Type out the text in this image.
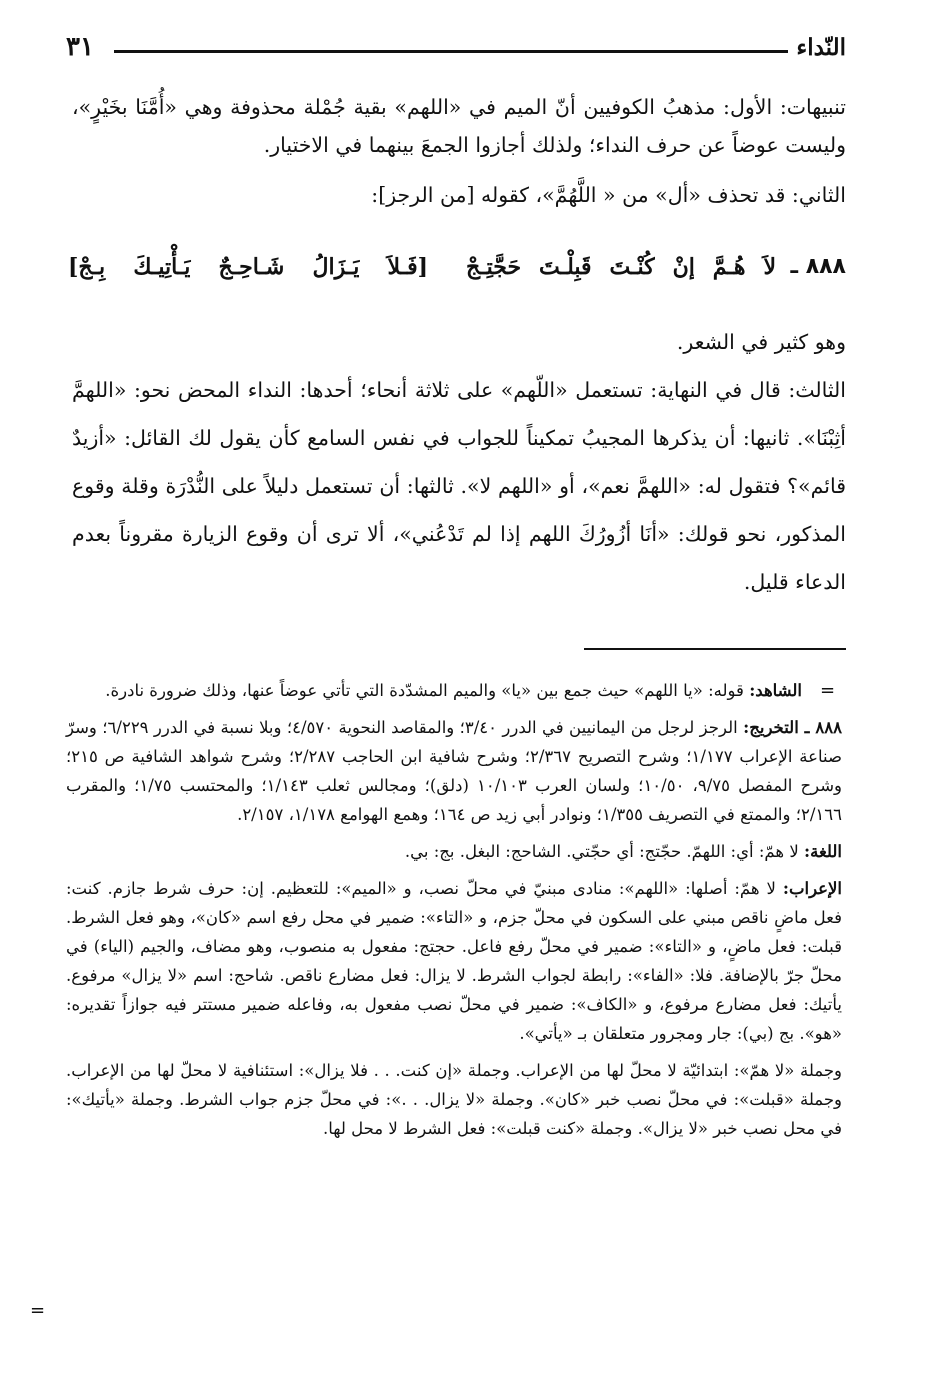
٣١	النّداء

تنبيهات: الأول: مذهبُ الكوفيين أنّ الميم في «اللهم» بقية جُمْلة محذوفة وهي «أُمَّنَا بخَيْرٍ»، وليست عوضاً عن حرف النداء؛ ولذلك أجازوا الجمعَ بينهما في الاختيار.

الثاني: قد تحذف «أل» من « اللَّهُمَّ»، كقوله [من الرجز]:

٨٨٨ ـ
لاَ هُـمَّ إنْ كُنْـتَ قَبِلْـتَ حَجَّتِـجْ
[فَـلاَ يَـزَالُ شَـاحِـجٌ يَـأْتِيـكَ بِـجْ]

وهو كثير في الشعر.

الثالث: قال في النهاية: تستعمل «اللّهم» على ثلاثة أنحاء؛ أحدها: النداء المحض نحو: «اللهمَّ أثِبْنَا». ثانيها: أن يذكرها المجيبُ تمكيناً للجواب في نفس السامع كأن يقول لك القائل: «أزيدٌ قائم»؟ فتقول له: «اللهمَّ نعم»، أو «اللهم لا». ثالثها: أن تستعمل دليلاً على النُّدْرَة وقلة وقوع المذكور، نحو قولك: «أنَا أزُورُكَ اللهم إذا لم تَدْعُني»، ألا ترى أن وقوع الزيارة مقروناً بعدم الدعاء قليل.

=
=

الشاهد: قوله: «يا اللهم» حيث جمع بين «يا» والميم المشدّدة التي تأتي عوضاً عنها، وذلك ضرورة نادرة.

٨٨٨ ـ التخريج: الرجز لرجل من اليمانيين في الدرر ٣/٤٠؛ والمقاصد النحوية ٤/٥٧٠؛ وبلا نسبة في الدرر ٦/٢٢٩؛ وسرّ صناعة الإعراب ١/١٧٧؛ وشرح التصريح ٢/٣٦٧؛ وشرح شافية ابن الحاجب ٢/٢٨٧؛ وشرح شواهد الشافية ص ٢١٥؛ وشرح المفصل ٩/٧٥، ١٠/٥٠؛ ولسان العرب ١٠/١٠٣ (دلق)؛ ومجالس ثعلب ١/١٤٣؛ والمحتسب ١/٧٥؛ والمقرب ٢/١٦٦؛ والممتع في التصريف ١/٣٥٥؛ ونوادر أبي زيد ص ١٦٤؛ وهمع الهوامع ١/١٧٨، ٢/١٥٧.

اللغة: لا همّ: أي: اللهمّ. حجّتج: أي حجّتي. الشاحج: البغل. بج: بي.

الإعراب: لا همّ: أصلها: «اللهم»: منادى مبنيّ في محلّ نصب، و «الميم»: للتعظيم. إن: حرف شرط جازم. كنت: فعل ماضٍ ناقص مبني على السكون في محلّ جزم، و «التاء»: ضمير في محل رفع اسم «كان»، وهو فعل الشرط. قبلت: فعل ماضٍ، و «التاء»: ضمير في محلّ رفع فاعل. حجتج: مفعول به منصوب، وهو مضاف، والجيم (الياء) في محلّ جرّ بالإضافة. فلا: «الفاء»: رابطة لجواب الشرط. لا يزال: فعل مضارع ناقص. شاحج: اسم «لا يزال» مرفوع. يأتيك: فعل مضارع مرفوع، و «الكاف»: ضمير في محلّ نصب مفعول به، وفاعله ضمير مستتر فيه جوازاً تقديره: «هو». بج (بي): جار ومجرور متعلقان بـ «يأتي».

وجملة «لا همّ»: ابتدائيّة لا محلّ لها من الإعراب. وجملة «إن كنت. . . فلا يزال»: استئنافية لا محلّ لها من الإعراب. وجملة «قبلت»: في محلّ نصب خبر «كان». وجملة «لا يزال. . .»: في محلّ جزم جواب الشرط. وجملة «يأتيك»: في محل نصب خبر «لا يزال». وجملة «كنت قبلت»: فعل الشرط لا محل لها.
